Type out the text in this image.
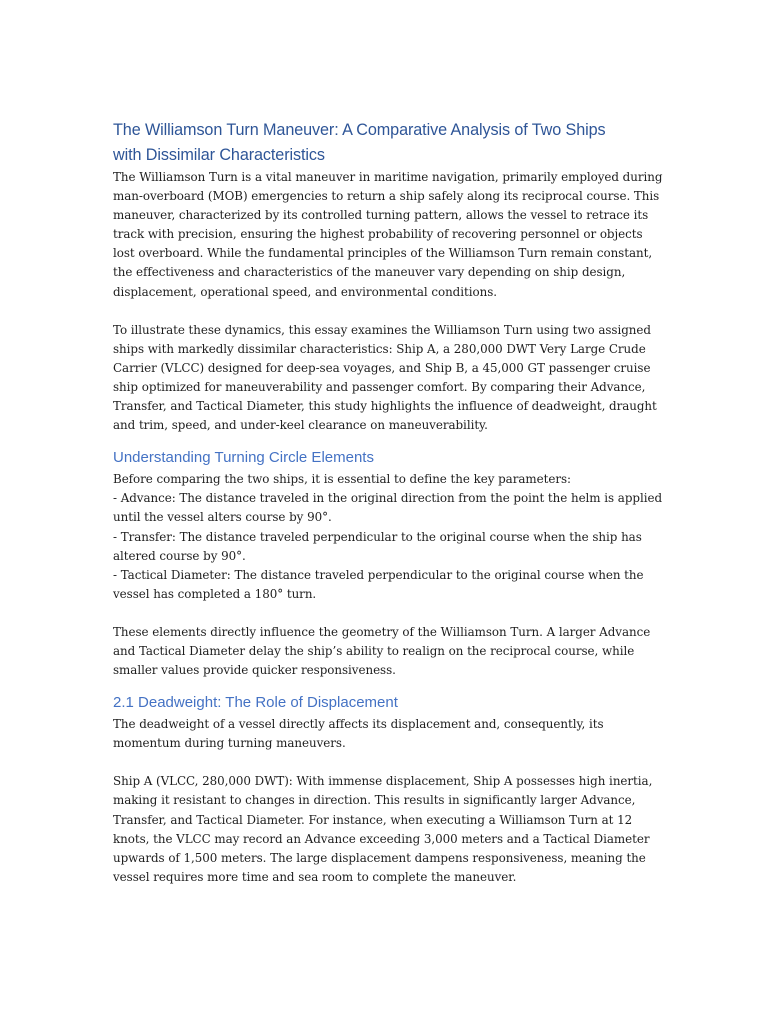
The Williamson Turn Maneuver: A Comparative Analysis of Two Ships
with Dissimilar Characteristics

The Williamson Turn is a vital maneuver in maritime navigation, primarily employed during
man-overboard (MOB) emergencies to return a ship safely along its reciprocal course. This
maneuver, characterized by its controlled turning pattern, allows the vessel to retrace its
track with precision, ensuring the highest probability of recovering personnel or objects
lost overboard. While the fundamental principles of the Williamson Turn remain constant,
the effectiveness and characteristics of the maneuver vary depending on ship design,
displacement, operational speed, and environmental conditions.

To illustrate these dynamics, this essay examines the Williamson Turn using two assigned
ships with markedly dissimilar characteristics: Ship A, a 280,000 DWT Very Large Crude
Carrier (VLCC) designed for deep-sea voyages, and Ship B, a 45,000 GT passenger cruise
ship optimized for maneuverability and passenger comfort. By comparing their Advance,
Transfer, and Tactical Diameter, this study highlights the influence of deadweight, draught
and trim, speed, and under-keel clearance on maneuverability.

Understanding Turning Circle Elements

Before comparing the two ships, it is essential to define the key parameters:
- Advance: The distance traveled in the original direction from the point the helm is applied
until the vessel alters course by 90°.
- Transfer: The distance traveled perpendicular to the original course when the ship has
altered course by 90°.
- Tactical Diameter: The distance traveled perpendicular to the original course when the
vessel has completed a 180° turn.

These elements directly influence the geometry of the Williamson Turn. A larger Advance
and Tactical Diameter delay the ship’s ability to realign on the reciprocal course, while
smaller values provide quicker responsiveness.

2.1 Deadweight: The Role of Displacement

The deadweight of a vessel directly affects its displacement and, consequently, its
momentum during turning maneuvers.

Ship A (VLCC, 280,000 DWT): With immense displacement, Ship A possesses high inertia,
making it resistant to changes in direction. This results in significantly larger Advance,
Transfer, and Tactical Diameter. For instance, when executing a Williamson Turn at 12
knots, the VLCC may record an Advance exceeding 3,000 meters and a Tactical Diameter
upwards of 1,500 meters. The large displacement dampens responsiveness, meaning the
vessel requires more time and sea room to complete the maneuver.
